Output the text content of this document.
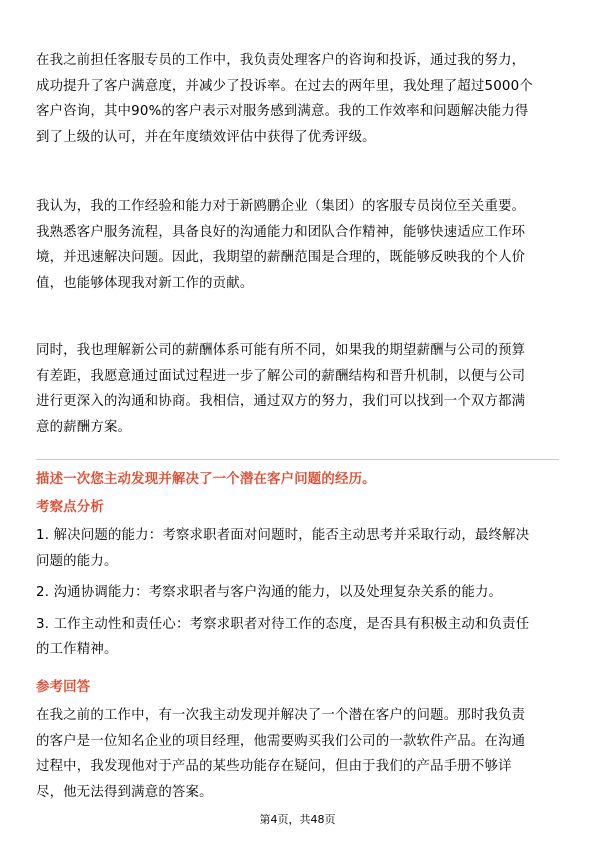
在我之前担任客服专员的工作中，我负责处理客户的咨询和投诉，通过我的努力，
成功提升了客户满意度，并减少了投诉率。在过去的两年里，我处理了超过5000个
客户咨询，其中90%的客户表示对服务感到满意。我的工作效率和问题解决能力得
到了上级的认可，并在年度绩效评估中获得了优秀评级。
我认为，我的工作经验和能力对于新鸥鹏企业（集团）的客服专员岗位至关重要。
我熟悉客户服务流程，具备良好的沟通能力和团队合作精神，能够快速适应工作环
境，并迅速解决问题。因此，我期望的薪酬范围是合理的，既能够反映我的个人价
值，也能够体现我对新工作的贡献。
同时，我也理解新公司的薪酬体系可能有所不同，如果我的期望薪酬与公司的预算
有差距，我愿意通过面试过程进一步了解公司的薪酬结构和晋升机制，以便与公司
进行更深入的沟通和协商。我相信，通过双方的努力，我们可以找到一个双方都满
意的薪酬方案。
描述一次您主动发现并解决了一个潜在客户问题的经历。
考察点分析
1. 解决问题的能力：考察求职者面对问题时，能否主动思考并采取行动，最终解决
问题的能力。
2. 沟通协调能力：考察求职者与客户沟通的能力，以及处理复杂关系的能力。
3. 工作主动性和责任心：考察求职者对待工作的态度，是否具有积极主动和负责任
的工作精神。
参考回答
在我之前的工作中，有一次我主动发现并解决了一个潜在客户的问题。那时我负责
的客户是一位知名企业的项目经理，他需要购买我们公司的一款软件产品。在沟通
过程中，我发现他对于产品的某些功能存在疑问，但由于我们的产品手册不够详
尽，他无法得到满意的答案。
第4页，共48页
